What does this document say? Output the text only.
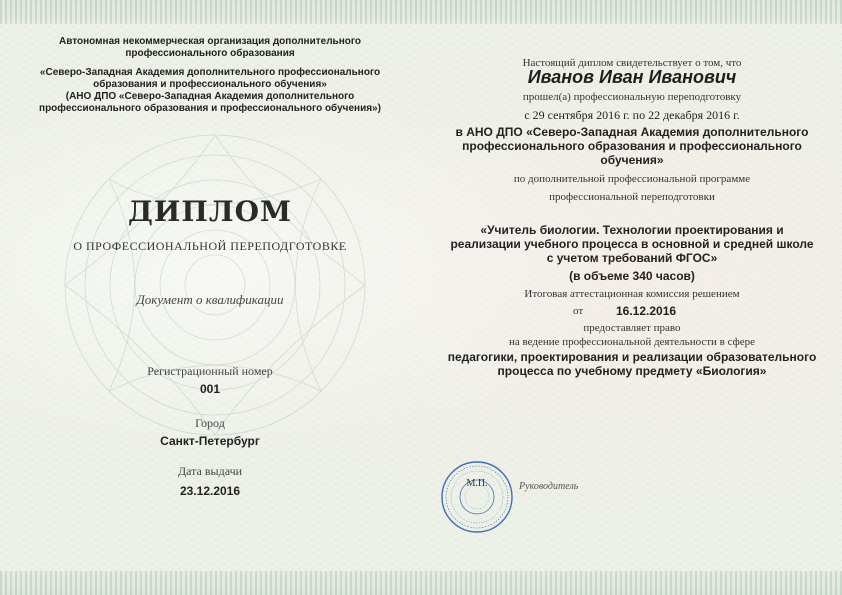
Автономная некоммерческая организация дополнительного
профессионального образования
«Северо-Западная Академия дополнительного профессионального
образования и профессионального обучения»
(АНО ДПО «Северо-Западная Академия дополнительного
профессионального образования и профессионального обучения»)
ДИПЛОМ
О ПРОФЕССИОНАЛЬНОЙ ПЕРЕПОДГОТОВКЕ
Документ о квалификации
Регистрационный номер
001
Город
Санкт-Петербург
Дата выдачи
23.12.2016
Настоящий диплом свидетельствует о том, что
Иванов Иван Иванович
прошел(а) профессиональную переподготовку
с 29 сентября 2016 г. по 22 декабря 2016 г.
в АНО ДПО «Северо-Западная Академия дополнительного
профессионального образования и профессионального
обучения»
по дополнительной профессиональной программе
профессиональной переподготовки
«Учитель биологии. Технологии проектирования и
реализации учебного процесса в основной и средней школе
с учетом требований ФГОС»
(в объеме 340 часов)
Итоговая аттестационная комиссия решением
от	16.12.2016
предоставляет право
на ведение профессиональной деятельности в сфере
педагогики, проектирования и реализации образовательного
процесса по учебному предмету «Биология»
М.П.	Руководитель
